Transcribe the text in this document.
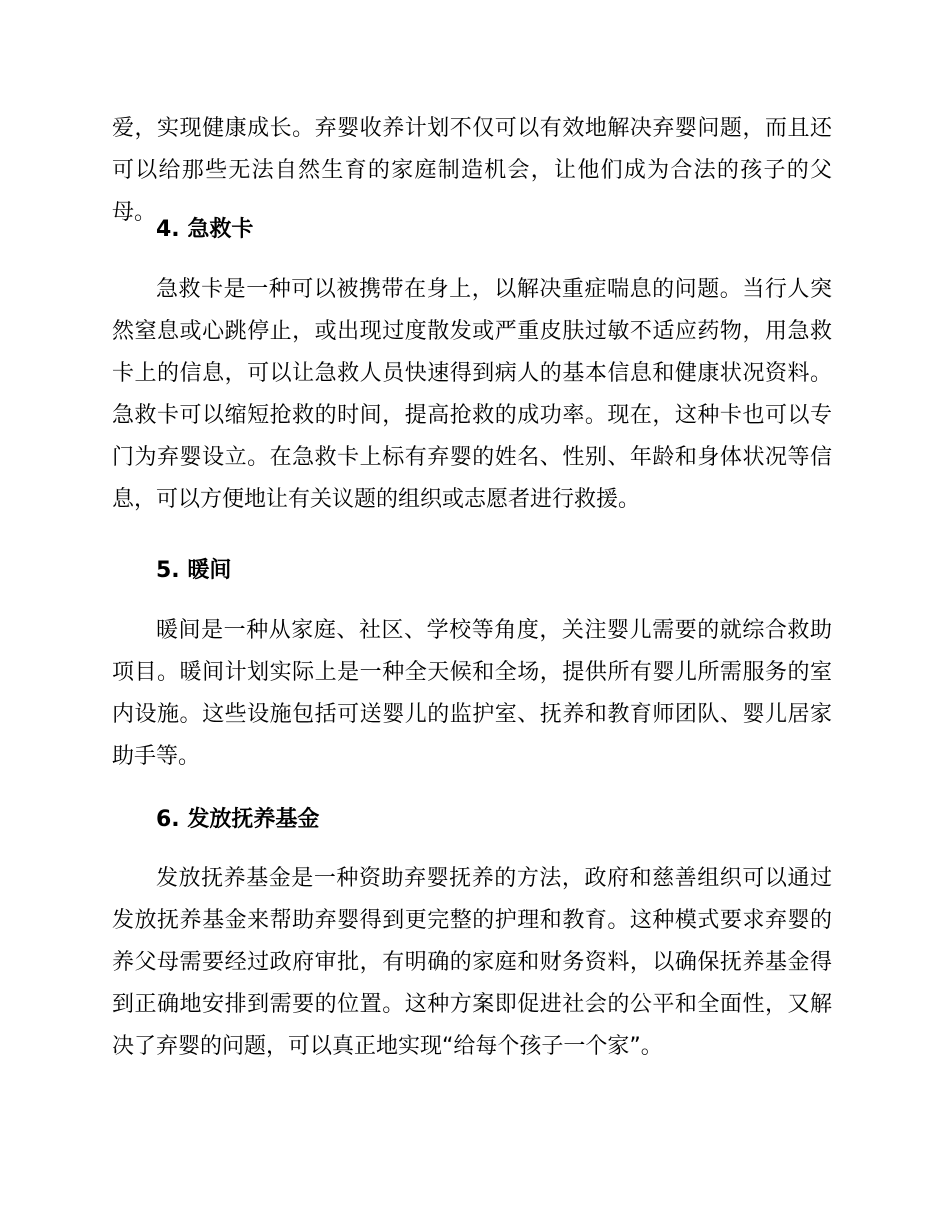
爱，实现健康成长。弃婴收养计划不仅可以有效地解决弃婴问题，而且还可以给那些无法自然生育的家庭制造机会，让他们成为合法的孩子的父母。

4. 急救卡

急救卡是一种可以被携带在身上，以解决重症喘息的问题。当行人突然窒息或心跳停止，或出现过度散发或严重皮肤过敏不适应药物，用急救卡上的信息，可以让急救人员快速得到病人的基本信息和健康状况资料。急救卡可以缩短抢救的时间，提高抢救的成功率。现在，这种卡也可以专门为弃婴设立。在急救卡上标有弃婴的姓名、性别、年龄和身体状况等信息，可以方便地让有关议题的组织或志愿者进行救援。

5. 暖间

暖间是一种从家庭、社区、学校等角度，关注婴儿需要的就综合救助项目。暖间计划实际上是一种全天候和全场，提供所有婴儿所需服务的室内设施。这些设施包括可送婴儿的监护室、抚养和教育师团队、婴儿居家助手等。

6. 发放抚养基金

发放抚养基金是一种资助弃婴抚养的方法，政府和慈善组织可以通过发放抚养基金来帮助弃婴得到更完整的护理和教育。这种模式要求弃婴的养父母需要经过政府审批，有明确的家庭和财务资料，以确保抚养基金得到正确地安排到需要的位置。这种方案即促进社会的公平和全面性，又解决了弃婴的问题，可以真正地实现“给每个孩子一个家”。
